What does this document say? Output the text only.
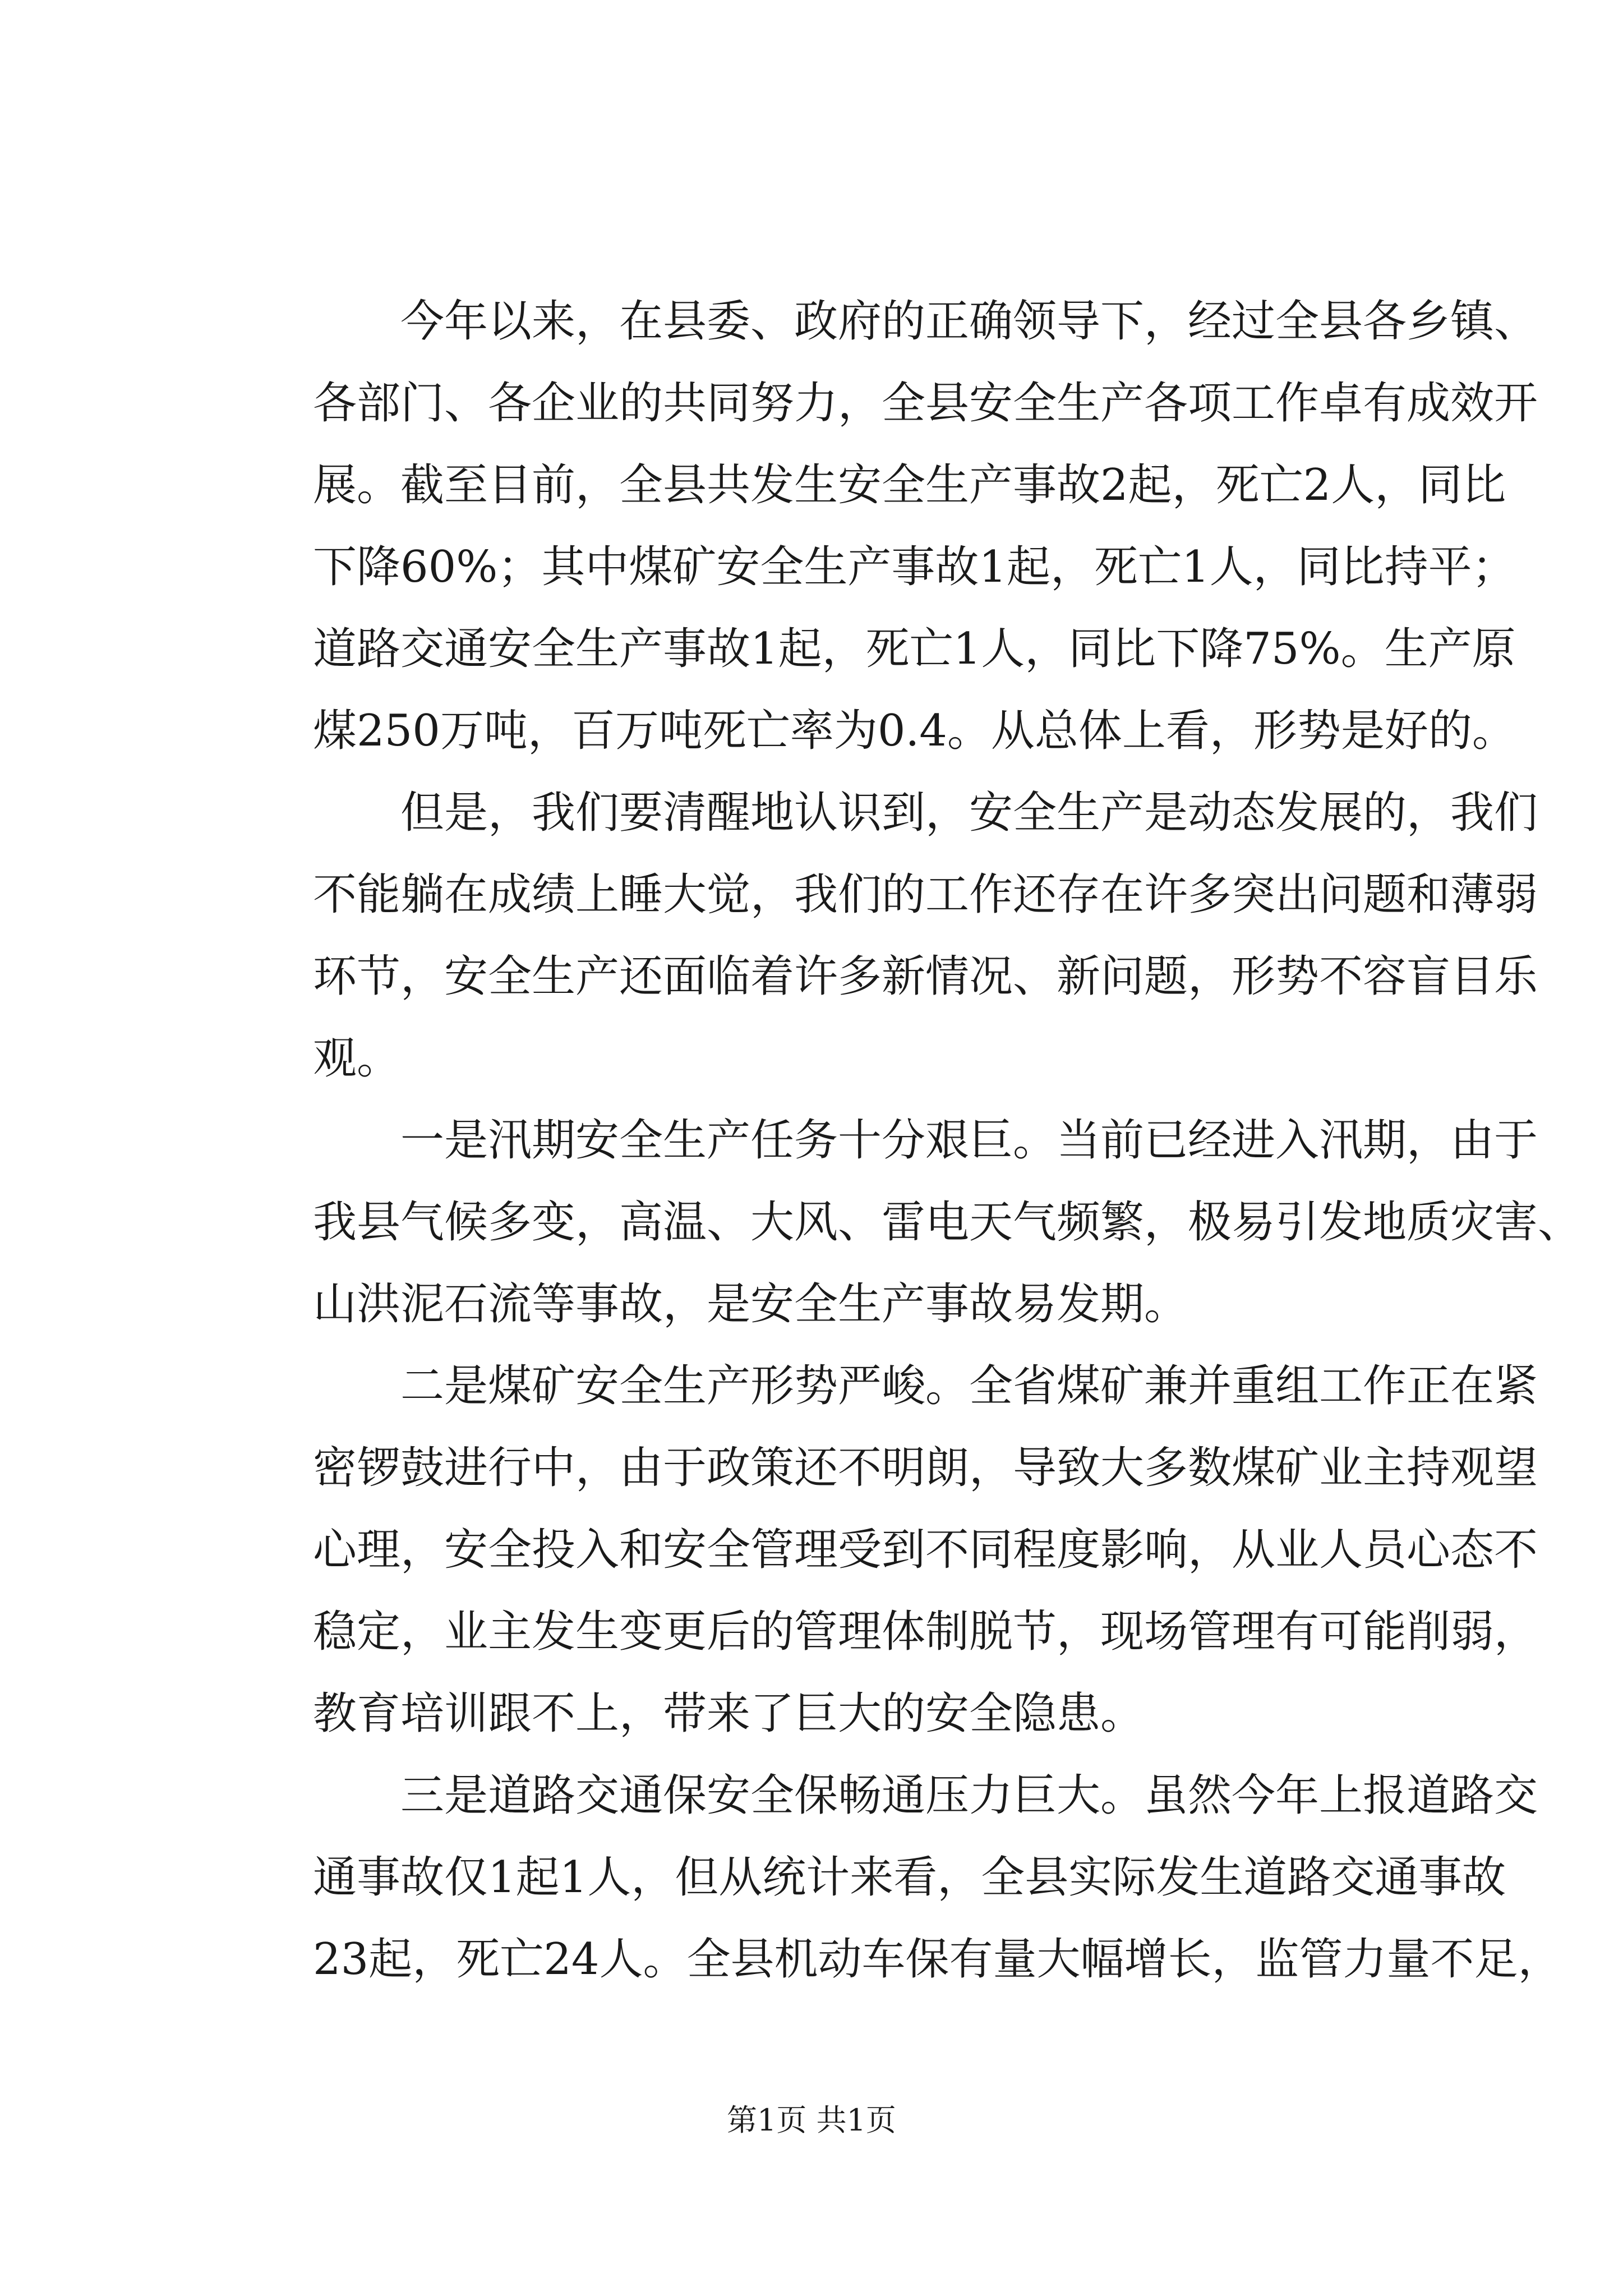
今年以来，在县委、政府的正确领导下，经过全县各乡镇、
各部门、各企业的共同努力，全县安全生产各项工作卓有成效开
展。截至目前，全县共发生安全生产事故2起，死亡2人，同比
下降60%；其中煤矿安全生产事故1起，死亡1人，同比持平；
道路交通安全生产事故1起，死亡1人，同比下降75%。生产原
煤250万吨，百万吨死亡率为0.4。从总体上看，形势是好的。
但是，我们要清醒地认识到，安全生产是动态发展的，我们
不能躺在成绩上睡大觉，我们的工作还存在许多突出问题和薄弱
环节，安全生产还面临着许多新情况、新问题，形势不容盲目乐
观。
一是汛期安全生产任务十分艰巨。当前已经进入汛期，由于
我县气候多变，高温、大风、雷电天气频繁，极易引发地质灾害、
山洪泥石流等事故，是安全生产事故易发期。
二是煤矿安全生产形势严峻。全省煤矿兼并重组工作正在紧
密锣鼓进行中，由于政策还不明朗，导致大多数煤矿业主持观望
心理，安全投入和安全管理受到不同程度影响，从业人员心态不
稳定，业主发生变更后的管理体制脱节，现场管理有可能削弱，
教育培训跟不上，带来了巨大的安全隐患。
三是道路交通保安全保畅通压力巨大。虽然今年上报道路交
通事故仅1起1人，但从统计来看，全县实际发生道路交通事故
23起，死亡24人。全县机动车保有量大幅增长，监管力量不足，
第1页 共1页
